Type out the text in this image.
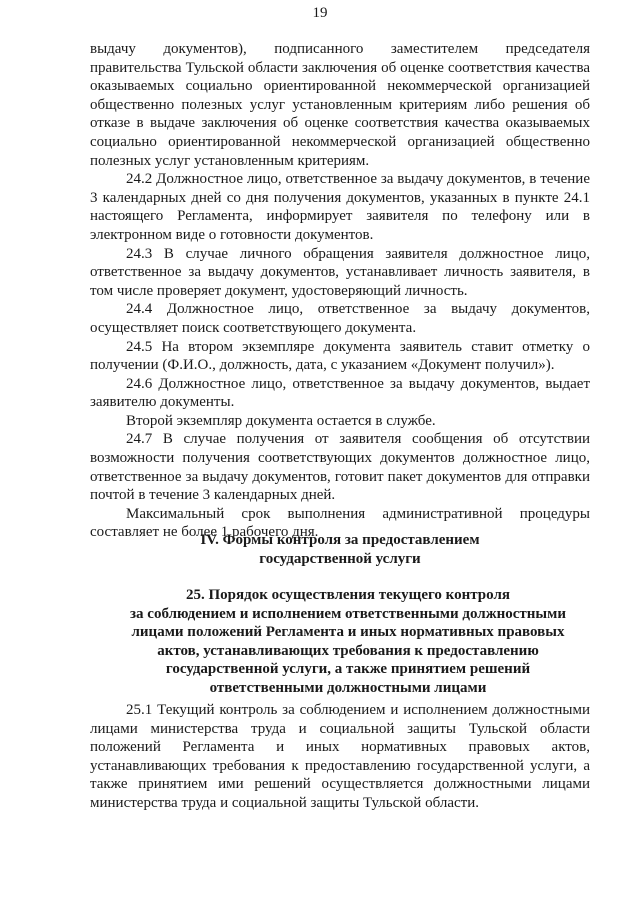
19

выдачу документов), подписанного заместителем председателя правительства Тульской области заключения об оценке соответствия качества оказываемых социально ориентированной некоммерческой организацией общественно полезных услуг установленным критериям либо решения об отказе в выдаче заключения об оценке соответствия качества оказываемых социально ориентированной некоммерческой организацией общественно полезных услуг установленным критериям.

24.2 Должностное лицо, ответственное за выдачу документов, в течение 3 календарных дней со дня получения документов, указанных в пункте 24.1 настоящего Регламента, информирует заявителя по телефону или в электронном виде о готовности документов.

24.3 В случае личного обращения заявителя должностное лицо, ответственное за выдачу документов, устанавливает личность заявителя, в том числе проверяет документ, удостоверяющий личность.

24.4 Должностное лицо, ответственное за выдачу документов, осуществляет поиск соответствующего документа.

24.5 На втором экземпляре документа заявитель ставит отметку о получении (Ф.И.О., должность, дата, с указанием «Документ получил»).

24.6 Должностное лицо, ответственное за выдачу документов, выдает заявителю документы.

Второй экземпляр документа остается в службе.

24.7 В случае получения от заявителя сообщения об отсутствии возможности получения соответствующих документов должностное лицо, ответственное за выдачу документов, готовит пакет документов для отправки почтой в течение 3 календарных дней.

Максимальный срок выполнения административной процедуры составляет не более 1 рабочего дня.

IV. Формы контроля за предоставлением
государственной услуги
25. Порядок осуществления текущего контроля
за соблюдением и исполнением ответственными должностными
лицами положений Регламента и иных нормативных правовых
актов, устанавливающих требования к предоставлению
государственной услуги, а также принятием решений
ответственными должностными лицами

25.1 Текущий контроль за соблюдением и исполнением должностными лицами министерства труда и социальной защиты Тульской области положений Регламента и иных нормативных правовых актов, устанавливающих требования к предоставлению государственной услуги, а также принятием ими решений осуществляется должностными лицами министерства труда и социальной защиты Тульской области.
